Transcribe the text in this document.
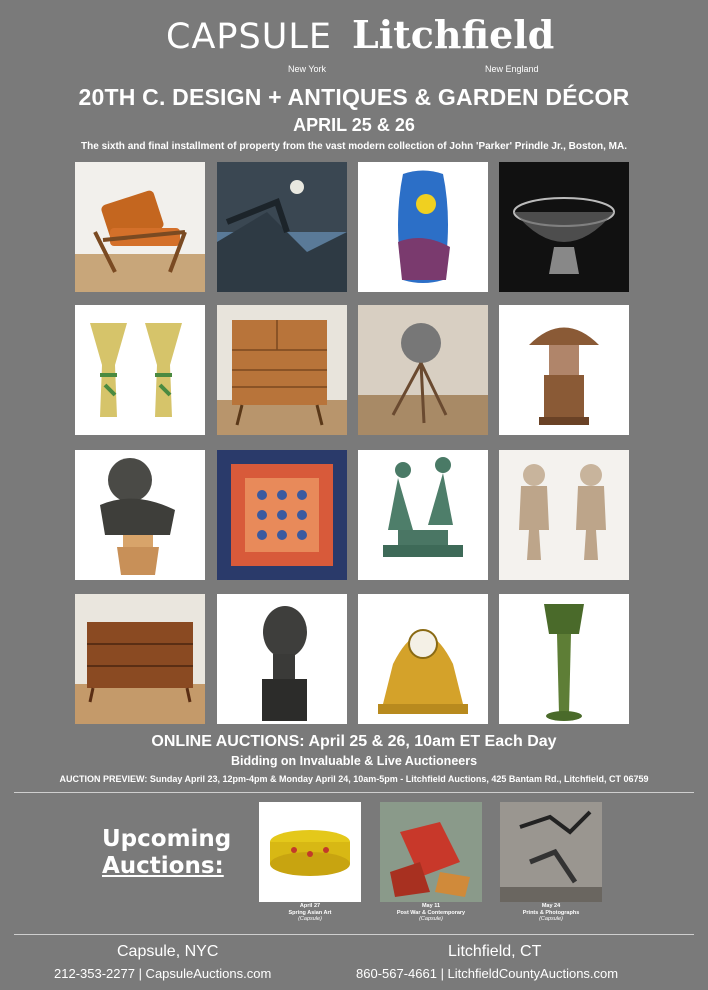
CAPSULE Litchfield
New York	New England
20TH C. DESIGN + ANTIQUES & GARDEN DÉCOR
APRIL 25 & 26
The sixth and final installment of property from the vast modern collection of John 'Parker' Prindle Jr., Boston, MA.
ONLINE AUCTIONS: April 25 & 26, 10am ET Each Day
Bidding on Invaluable & Live Auctioneers
AUCTION PREVIEW: Sunday April 23, 12pm-4pm & Monday April 24, 10am-5pm - Litchfield Auctions, 425 Bantam Rd., Litchfield, CT 06759
Upcoming
Auctions:
April 27
Spring Asian Art
(Capsule)
May 11
Post War & Contemporary
(Capsule)
May 24
Prints & Photographs
(Capsule)
Capsule, NYC
212-353-2277 | CapsuleAuctions.com
Litchfield, CT
860-567-4661 | LitchfieldCountyAuctions.com
